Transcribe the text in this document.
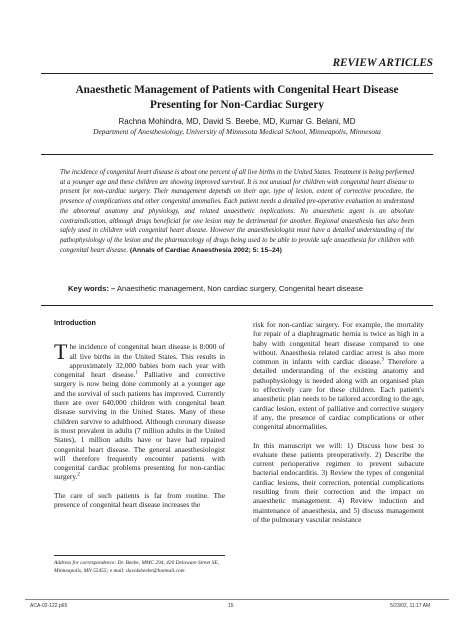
REVIEW ARTICLES
Anaesthetic Management of Patients with Congenital Heart Disease
Presenting for Non-Cardiac Surgery
Rachna Mohindra, MD, David S. Beebe, MD, Kumar G. Belani, MD
Department of Anesthesiology, University of Minnesota Medical School, Minneapolis, Minnesota
The incidence of congenital heart disease is about one percent of all live births in the United States. Treatment is being performed at a younger age and these children are showing improved survival. It is not unusual for children with congenital heart disease to present for non-cardiac surgery. Their management depends on their age, type of lesion, extent of corrective procedure, the presence of complications and other congenital anomalies. Each patient needs a detailed pre-operative evaluation to understand the abnormal anatomy and physiology, and related anaesthetic implications. No anaesthetic agent is an absolute contraindication, although drugs beneficial for one lesion may be detrimental for another. Regional anaesthesia has also been safely used in children with congenital heart disease. However the anaesthesiologist must have a detailed understanding of the pathophysiology of the lesion and the pharmacology of drugs being used to be able to provide safe anaesthesia for children with congenital heart disease. (Annals of Cardiac Anaesthesia 2002; 5: 15–24)
Key words: – Anaesthetic management, Non cardiac surgery, Congenital heart disease
Introduction

The incidence of congenital heart disease is 8:000 of all live births in the United States. This results in approximately 32,000 babies born each year with congenital heart disease.$^1$ Palliative and corrective surgery is now being done commonly at a younger age and the survival of such patients has improved. Currently there are over 640,000 children with congenital heart disease surviving in the United States. Many of these children survive to adulthood. Although coronary disease is most prevalent in adults (7 million adults in the United States), 1 million adults have or have had repaired congenital heart disease. The general anaesthesiologist will therefore frequently encounter patients with congenital cardiac problems presenting for non-cardiac surgery.$^2$

The care of such patients is far from routine. The presence of congenital heart disease increases the

risk for non-cardiac surgery. For example, the mortality for repair of a diaphragmatic hernia is twice as high in a baby with congenital heart disease compared to one without. Anaesthesia related cardiac arrest is also more common in infants with cardiac disease.$^3$ Therefore a detailed understanding of the existing anatomy and pathophysiology is needed along with an organised plan to effectively care for these children. Each patient's anaesthetic plan needs to be tailored according to the age, cardiac lesion, extent of palliative and corrective surgery if any, the presence of cardiac complications or other congenital abnormalities.

In this manuscript we will: 1) Discuss how best to evaluate these patients preoperatively. 2) Describe the current perioperative regimen to prevent subacute bacterial endocarditis. 3) Review the types of congenital cardiac lesions, their correction, potential complications resulting from their correction and the impact on anaesthetic management. 4) Review induction and maintenance of anaesthesia, and 5) discuss management of the pulmonary vascular resistance

Address for correspondence: Dr. Beebe, MMC 294, 420 Delaware Street SE, Minneapolis, MN 55455; e mail: davidsbeebe@hotmail.com
ACA-02-122.p65	15	5/23/02, 11:17 AM
